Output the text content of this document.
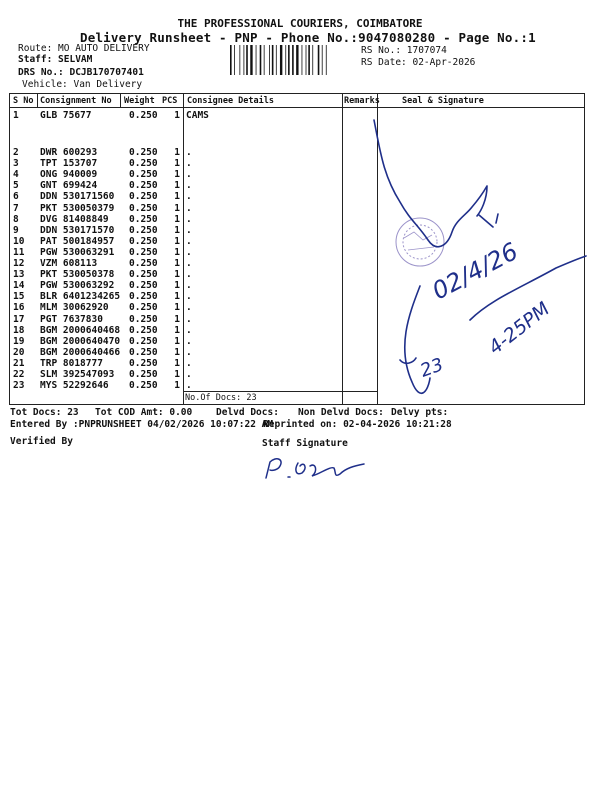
THE PROFESSIONAL COURIERS, COIMBATORE
Delivery Runsheet - PNP - Phone No.:9047080280 - Page No.:1
Route: MO AUTO DELIVERY
Staff: SELVAM
DRS No.: DCJB170707401
Vehicle: Van Delivery
RS No.: 1707074
RS Date: 02-Apr-2026
S No Consignment No Weight PCS Consignee Details	Remarks	Seal & Signature
1 GLB 75677	0.250	1 CAMS
2 DWR 600293	0.250	1 .
3 TPT 153707	0.250	1 .
4 ONG 940009	0.250	1 .
5 GNT 699424	0.250	1 .
6 DDN 530171560 0.250	1 .
7 PKT 530050379 0.250	1 .
8 DVG 81408849 0.250	1 .
9 DDN 530171570 0.250	1 .
10 PAT 500184957 0.250	1 .
11 PGW 530063291 0.250	1 .
12 VZM 608113	0.250	1 .
13 PKT 530050378 0.250	1 .
14 PGW 530063292 0.250	1 .
15 BLR 6401234265 0.250	1 .
16 MLM 30062920 0.250	1 .
17 PGT 7637830	0.250	1 .
18 BGM 2000640468 0.250	1 .
19 BGM 2000640470 0.250	1 .
20 BGM 2000640466 0.250	1 .
21 TRP 8018777	0.250	1 .
22 SLM 392547093 0.250	1 .
23 MYS 52292646 0.250	1 .
No.Of Docs: 23
Tot Docs: 23 Tot COD Amt: 0.00	Delvd Docs: Non Delvd Docs: Delvy pts:
Entered By :PNPRUNSHEET 04/02/2026 10:07:22 AM
Reprinted on: 02-04-2026 10:21:28
Verified By	Staff Signature
02/4/26
23
4-25PM
